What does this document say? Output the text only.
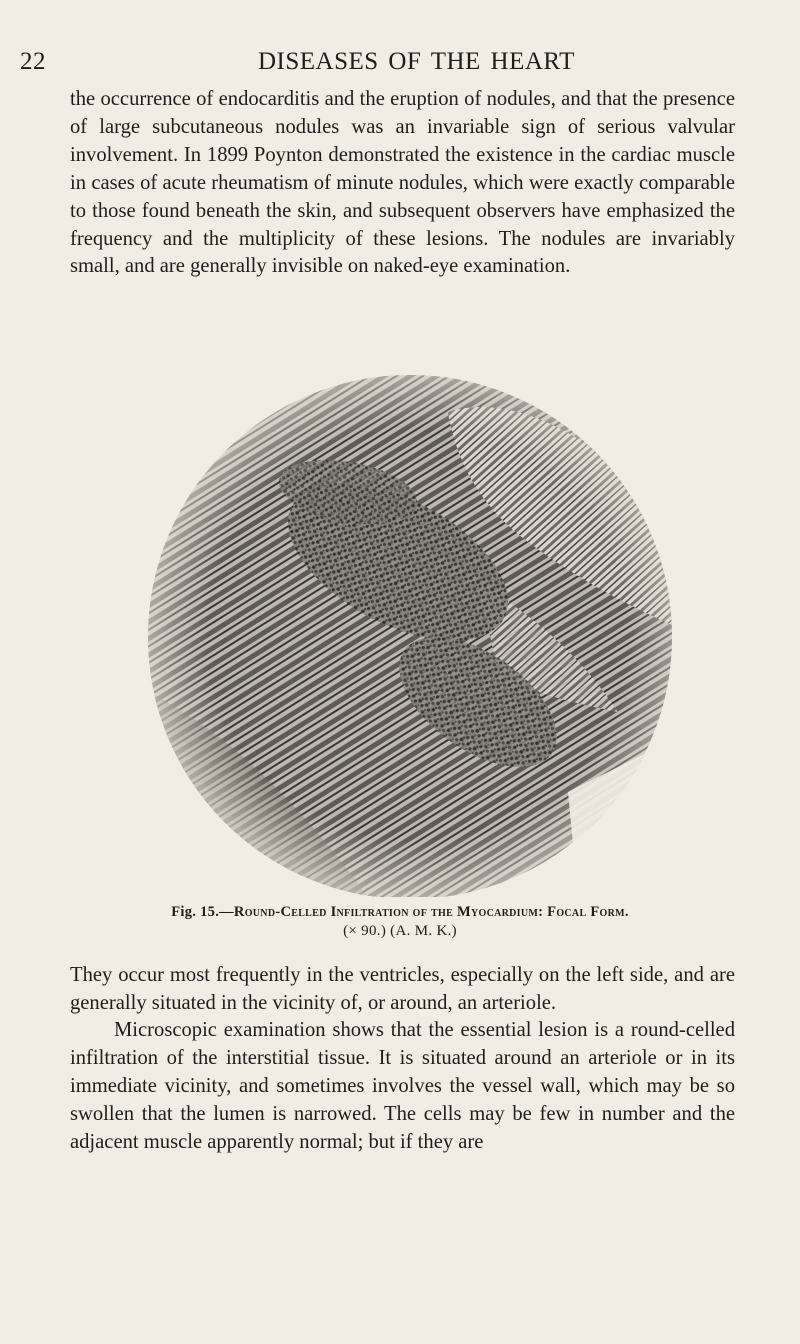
22	DISEASES OF THE HEART

the occurrence of endocarditis and the eruption of nodules, and that the presence of large subcutaneous nodules was an invariable sign of serious valvular involvement. In 1899 Poynton demonstrated the existence in the cardiac muscle in cases of acute rheumatism of minute nodules, which were exactly comparable to those found beneath the skin, and subsequent observers have emphasized the frequency and the multiplicity of these lesions. The nodules are invariably small, and are generally invisible on naked-eye examination.

Fig. 15.—Round-Celled Infiltration of the Myocardium: Focal Form.
(× 90.) (A. M. K.)

They occur most frequently in the ventricles, especially on the left side, and are generally situated in the vicinity of, or around, an arteriole.

Microscopic examination shows that the essential lesion is a round-celled infiltration of the interstitial tissue. It is situated around an arteriole or in its immediate vicinity, and sometimes involves the vessel wall, which may be so swollen that the lumen is narrowed. The cells may be few in number and the adjacent muscle apparently normal; but if they are
